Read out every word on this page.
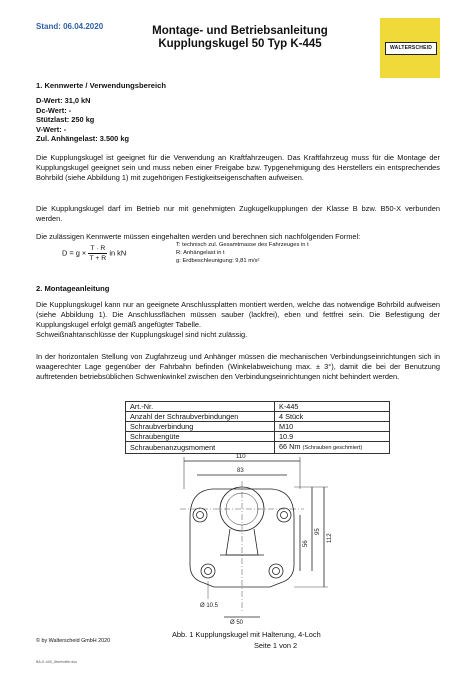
Stand: 06.04.2020	Montage- und Betriebsanleitung
Kupplungskugel 50 Typ K-445	WALTERSCHEID
1. Kennwerte / Verwendungsbereich
D-Wert: 31,0 kN
Dc-Wert: -
Stützlast: 250 kg
V-Wert: -
Zul. Anhängelast: 3.500 kg
Die Kupplungskugel ist geeignet für die Verwendung an Kraftfahrzeugen. Das Kraftfahrzeug muss für die Montage der Kupplungskugel geeignet sein und muss neben einer Freigabe bzw. Typgenehmigung des Herstellers ein entsprechendes Bohrbild (siehe Abbildung 1) mit zugehörigen Festigkeitseigenschaften aufweisen.
Die Kupplungskugel darf im Betrieb nur mit genehmigten Zugkugelkupplungen der Klasse B bzw. B50-X verbunden werden.
Die zulässigen Kennwerte müssen eingehalten werden und berechnen sich nachfolgenden Formel:
$D = g \times \frac{T \cdot R}{T + R}$ in kN
T: technisch zul. Gesamtmasse des Fahrzeuges in t
R: Anhängelast in t
g: Erdbeschleunigung: 9,81 m/s²
2. Montageanleitung
Die Kupplungskugel kann nur an geeignete Anschlussplatten montiert werden, welche das notwendige Bohrbild aufweisen (siehe Abbildung 1). Die Anschlussflächen müssen sauber (lackfrei), eben und fettfrei sein. Die Befestigung der Kupplungskugel erfolgt gemäß angefügter Tabelle.
Schweißnahtanschlüsse der Kupplungskugel sind nicht zulässig.
In der horizontalen Stellung von Zugfahrzeug und Anhänger müssen die mechanischen Verbindungseinrichtungen sich in waagerechter Lage gegenüber der Fahrbahn befinden (Winkelabweichung max. ± 3°), damit die bei der Benutzung auftretenden betriebsüblichen Schwenkwinkel zwischen den Verbindungseinrichtungen nicht behindert werden.
Art.-Nr.	K-445
Anzahl der Schraubverbindungen	4 Stück
Schraubverbindung	M10
Schraubengüte	10.9
Schraubenanzugsmoment	66 Nm (Schrauben geschmiert)
110
83
56
95
112
Ø 10.5
Ø 50
Abb. 1 Kupplungskugel mit Halterung, 4-Loch
© by Walterscheid GmbH 2020	Seite 1 von 2
BA-K-445_Überhoffer.doc
